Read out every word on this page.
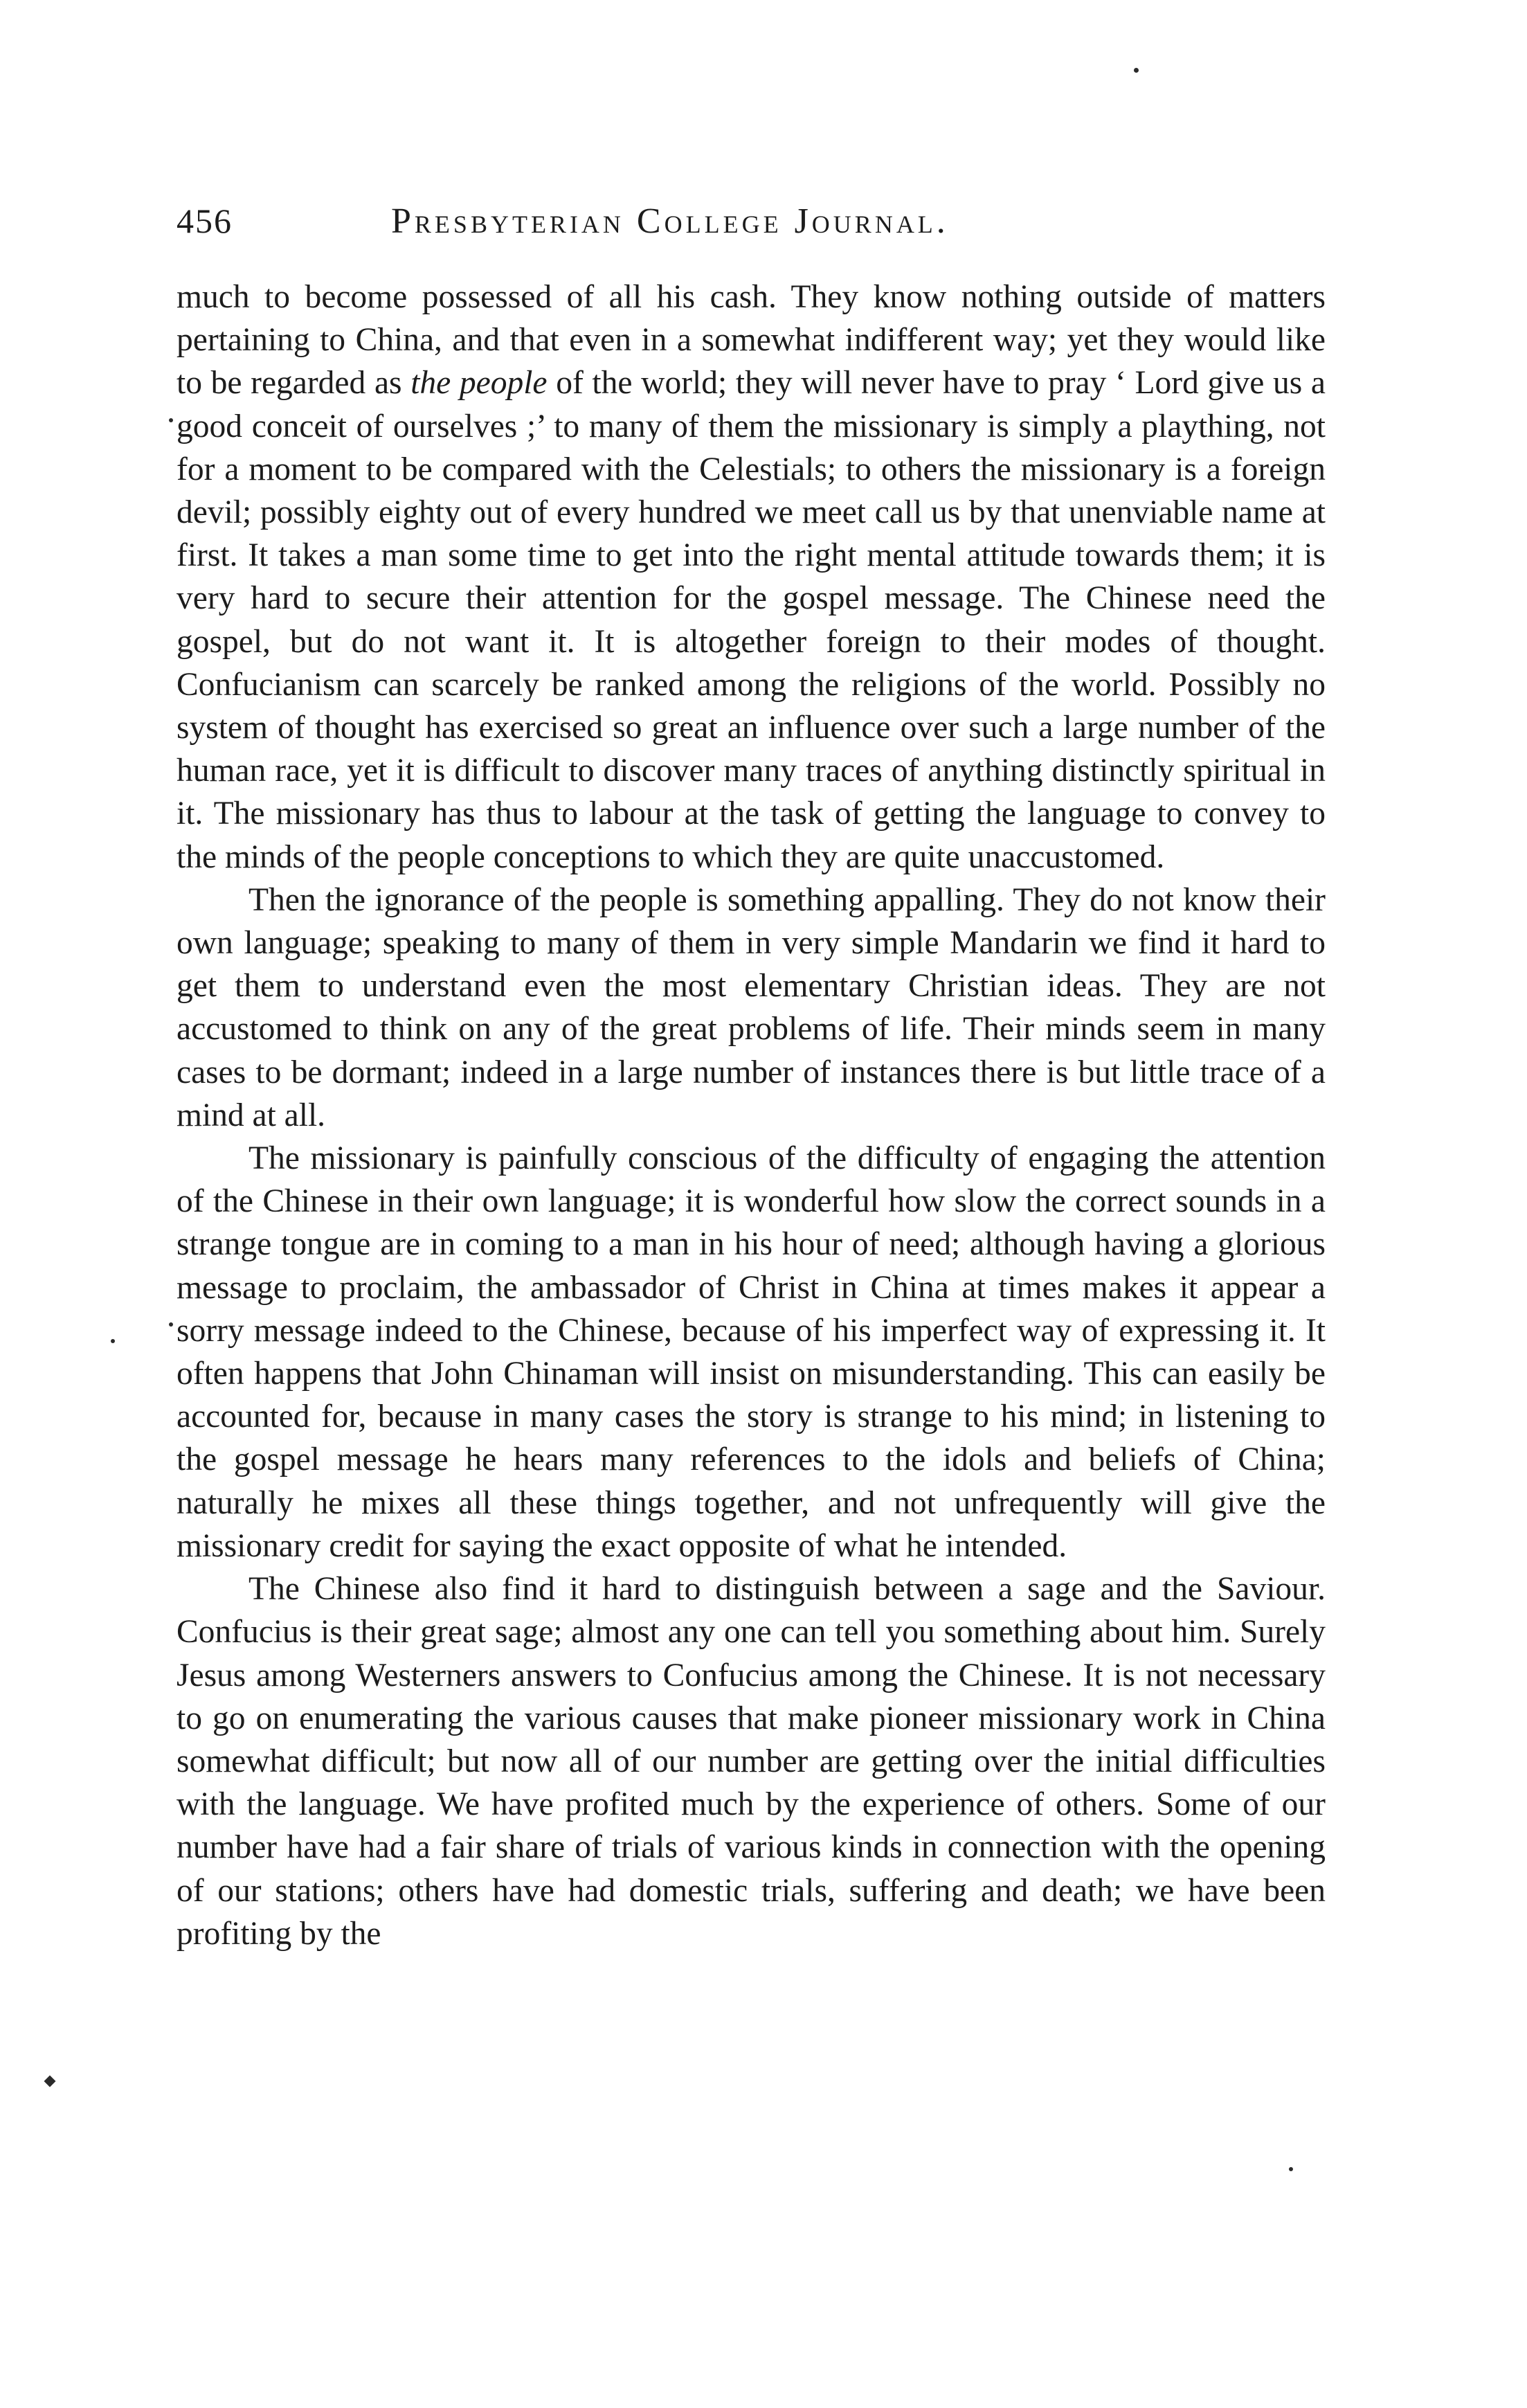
456	Presbyterian College Journal.

much to become possessed of all his cash. They know nothing outside of matters pertaining to China, and that even in a somewhat indifferent way; yet they would like to be regarded as the people of the world; they will never have to pray ‘ Lord give us a good conceit of ourselves ;’ to many of them the missionary is simply a plaything, not for a moment to be compared with the Celestials; to others the missionary is a foreign devil; possibly eighty out of every hundred we meet call us by that unenviable name at first. It takes a man some time to get into the right mental attitude towards them; it is very hard to secure their attention for the gospel message. The Chinese need the gospel, but do not want it. It is altogether foreign to their modes of thought. Confucianism can scarcely be ranked among the religions of the world. Possibly no system of thought has exercised so great an influence over such a large number of the human race, yet it is difficult to discover many traces of anything distinctly spiritual in it. The missionary has thus to labour at the task of getting the language to convey to the minds of the people conceptions to which they are quite unaccustomed.

Then the ignorance of the people is something appalling. They do not know their own language; speaking to many of them in very simple Mandarin we find it hard to get them to understand even the most elementary Christian ideas. They are not accustomed to think on any of the great problems of life. Their minds seem in many cases to be dormant; indeed in a large number of instances there is but little trace of a mind at all.

The missionary is painfully conscious of the difficulty of engaging the attention of the Chinese in their own language; it is wonderful how slow the correct sounds in a strange tongue are in coming to a man in his hour of need; although having a glorious message to proclaim, the ambassador of Christ in China at times makes it appear a sorry message indeed to the Chinese, because of his imperfect way of expressing it. It often happens that John Chinaman will insist on misunderstanding. This can easily be accounted for, because in many cases the story is strange to his mind; in listening to the gospel message he hears many references to the idols and beliefs of China; naturally he mixes all these things together, and not unfrequently will give the missionary credit for saying the exact opposite of what he intended.

The Chinese also find it hard to distinguish between a sage and the Saviour. Confucius is their great sage; almost any one can tell you something about him. Surely Jesus among Westerners answers to Confucius among the Chinese. It is not necessary to go on enumerating the various causes that make pioneer missionary work in China somewhat difficult; but now all of our number are getting over the initial difficulties with the language. We have profited much by the experience of others. Some of our number have had a fair share of trials of various kinds in connection with the opening of our stations; others have had domestic trials, suffering and death; we have been profiting by the
